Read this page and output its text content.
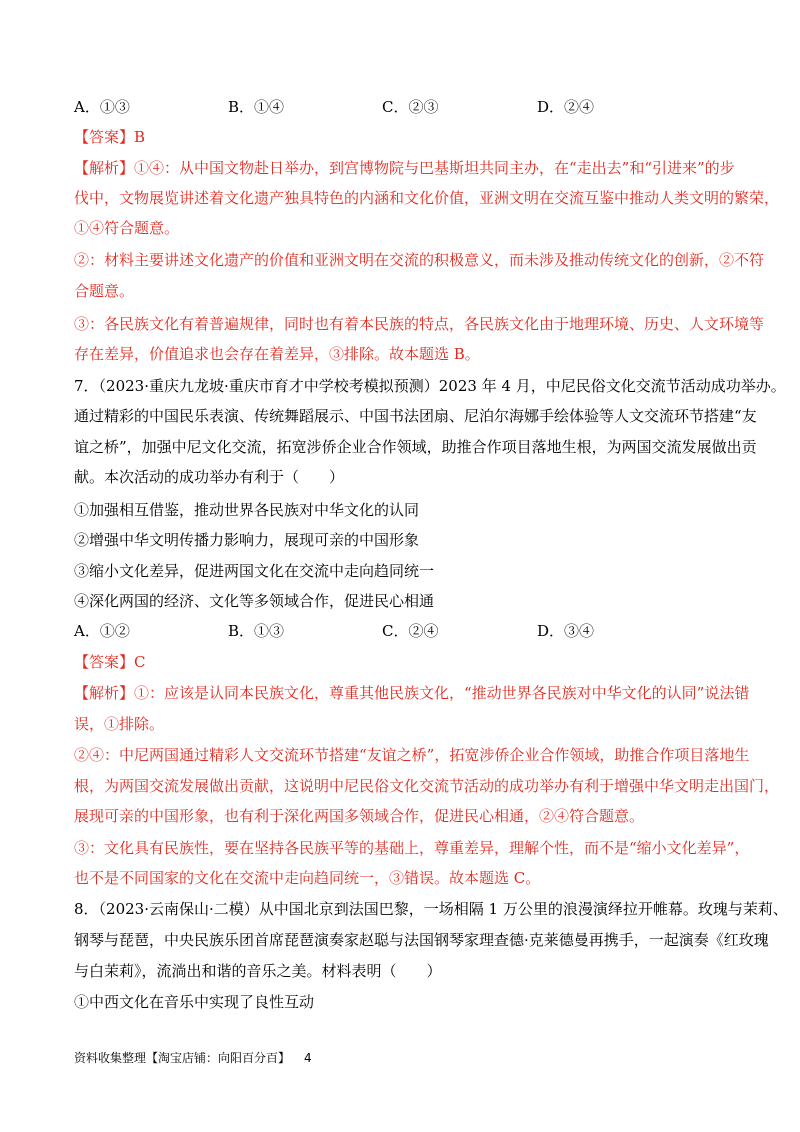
A．①③	B．①④	C．②③	D．②④
【答案】B
【解析】①④：从中国文物赴日举办，到宫博物院与巴基斯坦共同主办，在“走出去”和“引进来”的步
伐中，文物展览讲述着文化遗产独具特色的内涵和文化价值，亚洲文明在交流互鉴中推动人类文明的繁荣，
①④符合题意。
②：材料主要讲述文化遗产的价值和亚洲文明在交流的积极意义，而未涉及推动传统文化的创新，②不符
合题意。
③：各民族文化有着普遍规律，同时也有着本民族的特点，各民族文化由于地理环境、历史、人文环境等
存在差异，价值追求也会存在着差异，③排除。故本题选 B。
7．（2023·重庆九龙坡·重庆市育才中学校考模拟预测）2023 年 4 月，中尼民俗文化交流节活动成功举办。
通过精彩的中国民乐表演、传统舞蹈展示、中国书法团扇、尼泊尔海娜手绘体验等人文交流环节搭建“友
谊之桥”，加强中尼文化交流，拓宽涉侨企业合作领域，助推合作项目落地生根，为两国交流发展做出贡
献。本次活动的成功举办有利于（　　）
①加强相互借鉴，推动世界各民族对中华文化的认同
②增强中华文明传播力影响力，展现可亲的中国形象
③缩小文化差异，促进两国文化在交流中走向趋同统一
④深化两国的经济、文化等多领域合作，促进民心相通
A．①②	B．①③	C．②④	D．③④
【答案】C
【解析】①：应该是认同本民族文化，尊重其他民族文化，“推动世界各民族对中华文化的认同”说法错
误，①排除。
②④：中尼两国通过精彩人文交流环节搭建“友谊之桥”，拓宽涉侨企业合作领域，助推合作项目落地生
根，为两国交流发展做出贡献，这说明中尼民俗文化交流节活动的成功举办有利于增强中华文明走出国门，
展现可亲的中国形象，也有利于深化两国多领域合作，促进民心相通，②④符合题意。
③：文化具有民族性，要在坚持各民族平等的基础上，尊重差异，理解个性，而不是“缩小文化差异”，
也不是不同国家的文化在交流中走向趋同统一，③错误。故本题选 C。
8．（2023·云南保山·二模）从中国北京到法国巴黎，一场相隔 1 万公里的浪漫演绎拉开帷幕。玫瑰与茉莉、
钢琴与琵琶，中央民族乐团首席琵琶演奏家赵聪与法国钢琴家理查德·克莱德曼再携手，一起演奏《红玫瑰
与白茉莉》，流淌出和谐的音乐之美。材料表明（　　）
①中西文化在音乐中实现了良性互动
资料收集整理【淘宝店铺：向阳百分百】 4
